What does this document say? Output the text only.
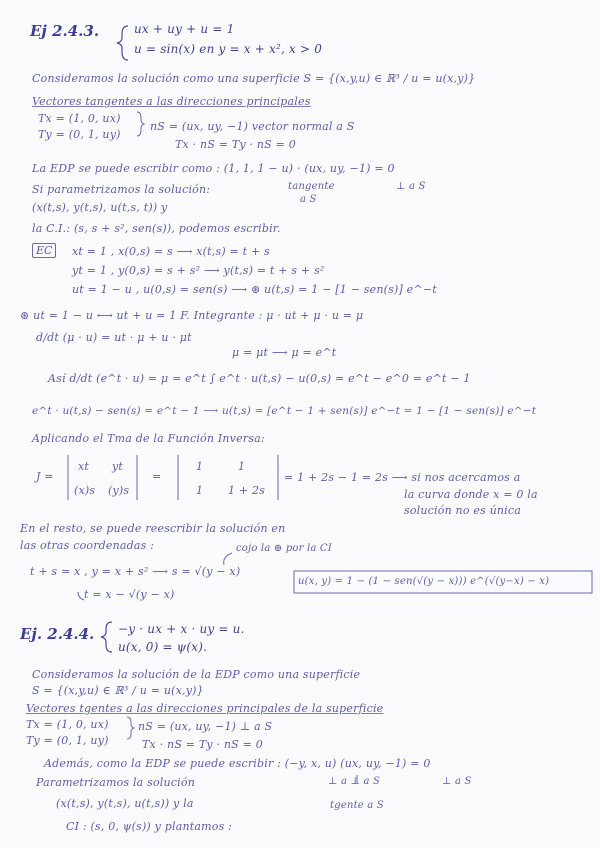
Ej 2.4.3.	ux + uy + u = 1
u = sin(x) en y = x + x², x > 0
Consideramos la solución como una superficie S = {(x,y,u) ∈ ℝ³ / u = u(x,y)}
Vectores tangentes a las direcciones principales
Tx = (1, 0, ux)
Ty = (0, 1, uy)
nS = (ux, uy, −1) vector normal a S
Tx · nS = Ty · nS = 0
La EDP se puede escribir como : (1, 1, 1 − u) · (ux, uy, −1) = 0
Si parametrizamos la solución:	tangente
a S
⊥ a S
(x(t,s), y(t,s), u(t,s, t)) y
la C.I.: (s, s + s², sen(s)), podemos escribir.
EC	xt = 1 , x(0,s) = s ⟶ x(t,s) = t + s
yt = 1 , y(0,s) = s + s² ⟶ y(t,s) = t + s + s²
ut = 1 − u , u(0,s) = sen(s) ⟶ ⊛ u(t,s) = 1 − [1 − sen(s)] e^−t
⊛ ut = 1 − u ⟷ ut + u = 1 F. Integrante : μ · ut + μ · u = μ
d/dt (μ · u) = ut · μ + u · μt
μ = μt ⟶ μ = e^t
Así d/dt (e^t · u) = μ = e^t ∫ e^t · u(t,s) − u(0,s) = e^t − e^0 = e^t − 1
e^t · u(t,s) − sen(s) = e^t − 1 ⟶ u(t,s) = [e^t − 1 + sen(s)] e^−t = 1 − [1 − sen(s)] e^−t
Aplicando el Tma de la Función Inversa:
J =
xt yt
(x)s (y)s
=
1	1
1 1 + 2s
= 1 + 2s − 1 = 2s ⟶ si nos acercamos a
la curva donde x = 0 la
solución no es única
En el resto, se puede reescribir la solución en
las otras coordenadas :	cojo la ⊕ por la CI
t + s = x , y = x + s² ⟶ s = √(y − x)
u(x, y) = 1 − (1 − sen(√(y − x))) e^(√(y−x) − x)
t = x − √(y − x)
Ej. 2.4.4. −y · ux + x · uy = u.
u(x, 0) = ψ(x).
Consideramos la solución de la EDP como una superficie
S = {(x,y,u) ∈ ℝ³ / u = u(x,y)}
Vectores tgentes a las direcciones principales de la superficie
Tx = (1, 0, ux)
Ty = (0, 1, uy)
nS = (ux, uy, −1) ⊥ a S
Tx · nS = Ty · nS = 0
Además, como la EDP se puede escribir : (−y, x, u) (ux, uy, −1) = 0
Parametrizamos la solución	⊥ a ⊥ a S	⊥ a S
(x(t,s), y(t,s), u(t,s)) y la	tgente a S
CI : (s, 0, ψ(s)) y plantamos :
